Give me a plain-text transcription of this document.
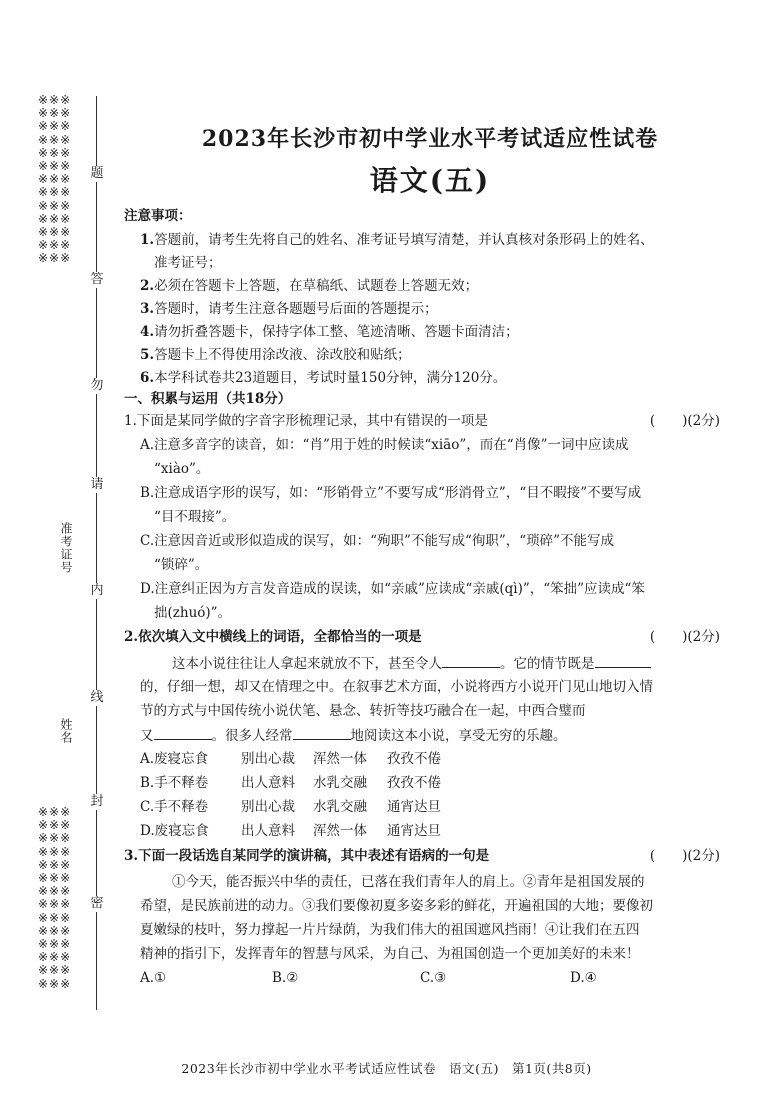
※※※
※※※
※※※
※※※
※※※
※※※
※※※
※※※
※※※
※※※
※※※
※※※
※※※
※※※
※※※
※※※
※※※
※※※
※※※
※※※
※※※
※※※
※※※
※※※
※※※
※※※
※※※
题
答
勿
请
内
线
封
密
准考证号
姓名
2023年长沙市初中学业水平考试适应性试卷
语文(五)
注意事项：
1.答题前，请考生先将自己的姓名、准考证号填写清楚，并认真核对条形码上的姓名、
准考证号；
2.必须在答题卡上答题，在草稿纸、试题卷上答题无效；
3.答题时，请考生注意各题题号后面的答题提示；
4.请勿折叠答题卡，保持字体工整、笔迹清晰、答题卡面清洁；
5.答题卡上不得使用涂改液、涂改胶和贴纸；
6.本学科试卷共23道题目，考试时量150分钟，满分120分。
一、积累与运用（共18分）
1.下面是某同学做的字音字形梳理记录，其中有错误的一项是	(　　)(2分)
A.注意多音字的读音，如：“肖”用于姓的时候读“xiāo”，而在“肖像”一词中应读成
“xiào”。
B.注意成语字形的误写，如：“形销骨立”不要写成“形消骨立”，“目不暇接”不要写成
“目不瑕接”。
C.注意因音近或形似造成的误写，如：“殉职”不能写成“徇职”，“琐碎”不能写成
“锁碎”。
D.注意纠正因为方言发音造成的误读，如“亲戚”应读成“亲戚(qì)”，“笨拙”应读成“笨
拙(zhuó)”。
2.依次填入文中横线上的词语，全都恰当的一项是	(　　)(2分)
这本小说往往让人拿起来就放不下，甚至令人	。它的情节既是
的，仔细一想，却又在情理之中。在叙事艺术方面，小说将西方小说开门见山地切入情
节的方式与中国传统小说伏笔、悬念、转折等技巧融合在一起，中西合璧而
又	。很多人经常	地阅读这本小说，享受无穷的乐趣。
A.废寝忘食 别出心裁 浑然一体 孜孜不倦
B.手不释卷 出人意料 水乳交融 孜孜不倦
C.手不释卷 别出心裁 水乳交融 通宵达旦
D.废寝忘食 出人意料 浑然一体 通宵达旦
3.下面一段话选自某同学的演讲稿，其中表述有语病的一句是	(　　)(2分)
①今天，能否振兴中华的责任，已落在我们青年人的肩上。②青年是祖国发展的
希望，是民族前进的动力。③我们要像初夏多姿多彩的鲜花，开遍祖国的大地；要像初
夏嫩绿的枝叶，努力撑起一片片绿荫，为我们伟大的祖国遮风挡雨！④让我们在五四
精神的指引下，发挥青年的智慧与风采，为自己、为祖国创造一个更加美好的未来！
A.①	B.②	C.③	D.④
2023年长沙市初中学业水平考试适应性试卷　语文(五)　第1页(共8页)
